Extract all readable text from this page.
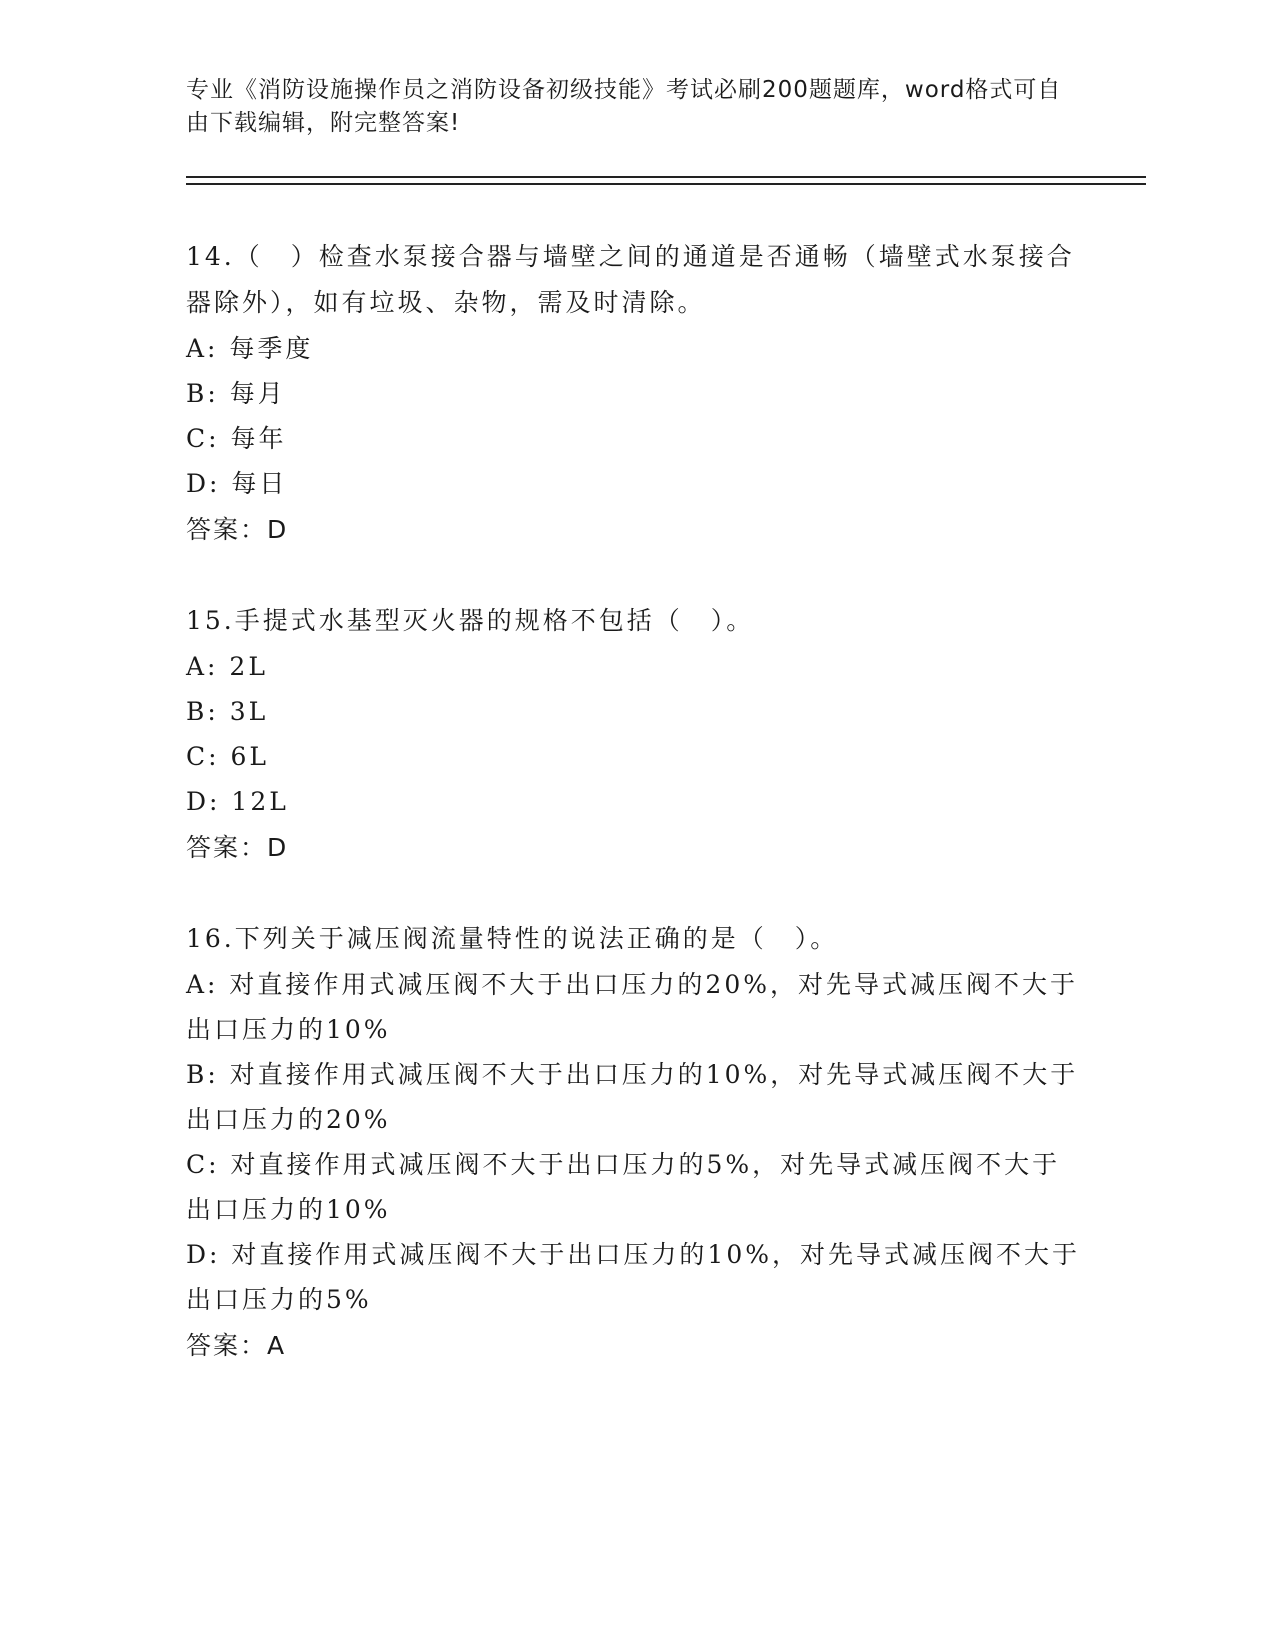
专业《消防设施操作员之消防设备初级技能》考试必刷200题题库，word格式可自由下载编辑，附完整答案!

14.（　）检查水泵接合器与墙壁之间的通道是否通畅（墙壁式水泵接合器除外），如有垃圾、杂物，需及时清除。

A: 每季度

B: 每月

C: 每年

D: 每日

答案：D

15.手提式水基型灭火器的规格不包括（　）。

A: 2L

B: 3L

C: 6L

D: 12L

答案：D

16.下列关于减压阀流量特性的说法正确的是（　）。

A: 对直接作用式减压阀不大于出口压力的20%，对先导式减压阀不大于出口压力的10%

B: 对直接作用式减压阀不大于出口压力的10%，对先导式减压阀不大于出口压力的20%

C: 对直接作用式减压阀不大于出口压力的5%，对先导式减压阀不大于出口压力的10%

D: 对直接作用式减压阀不大于出口压力的10%，对先导式减压阀不大于出口压力的5%

答案：A
